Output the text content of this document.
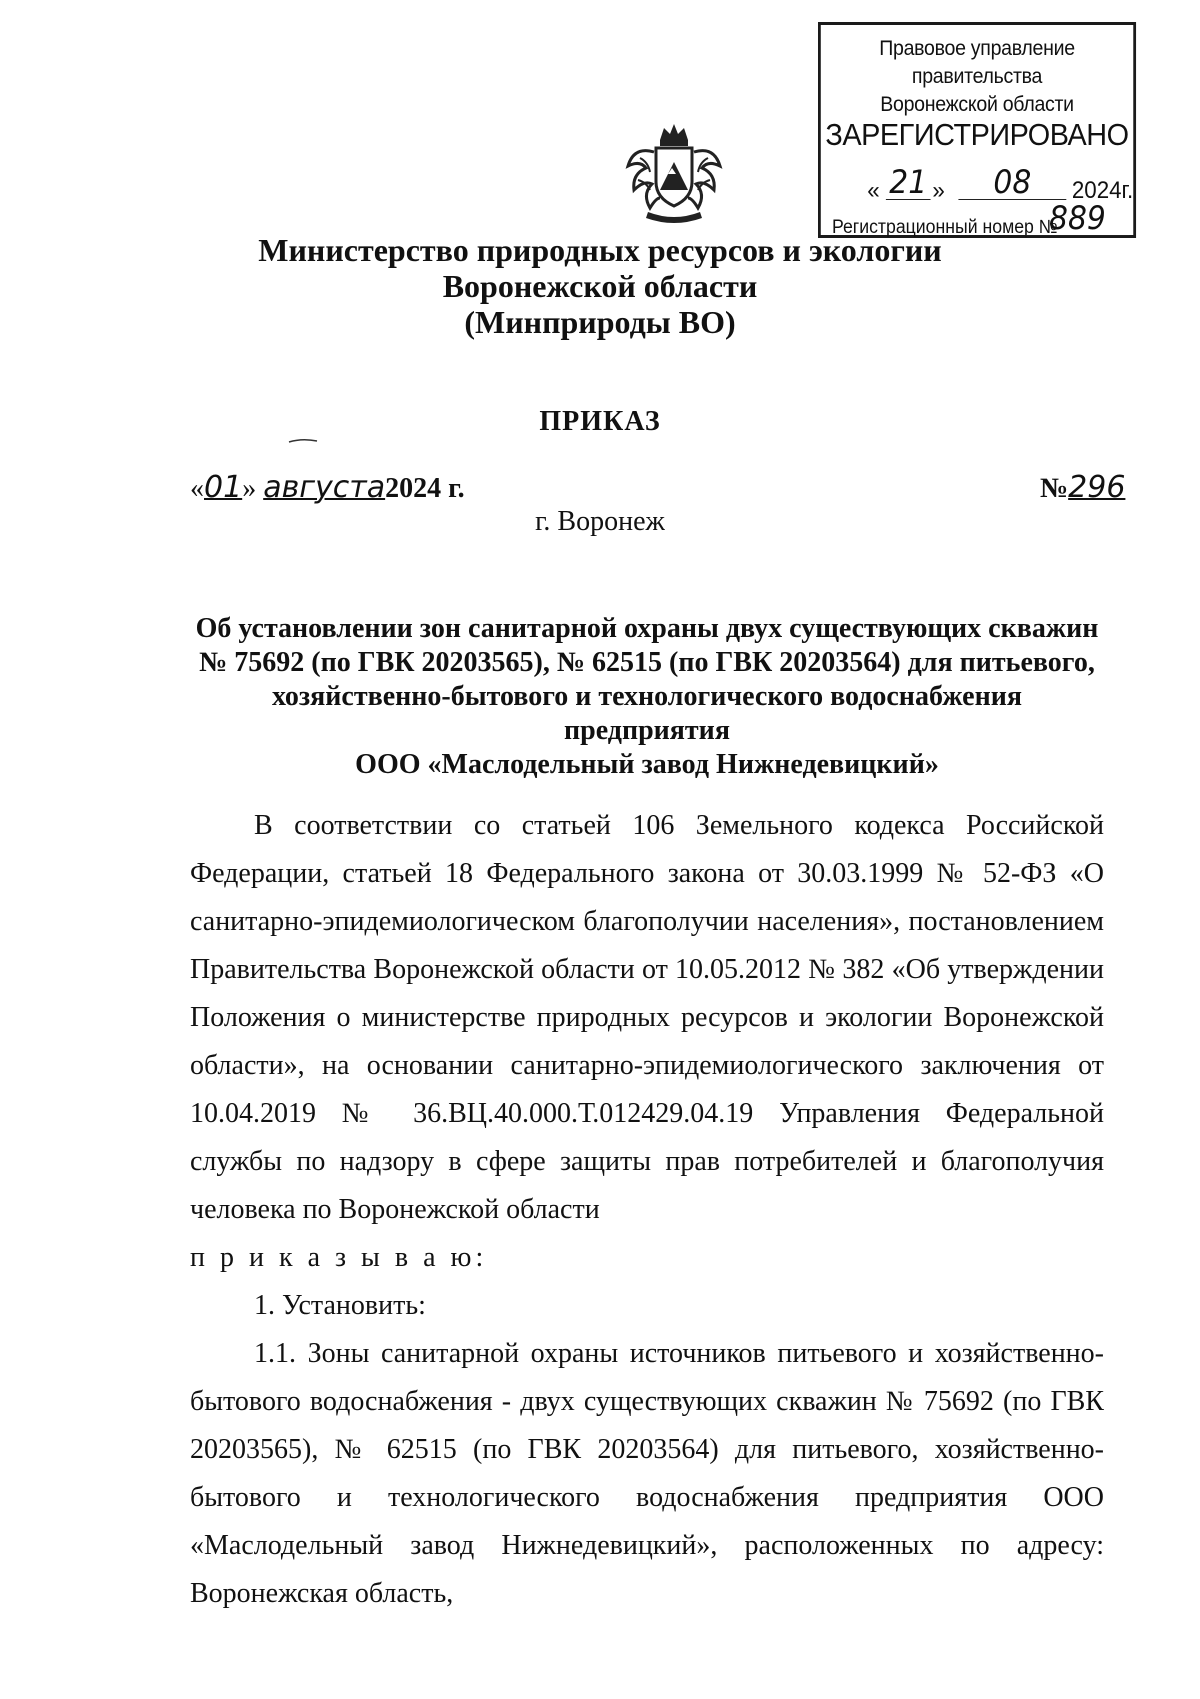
Правовое управление правительства
Воронежской области
ЗАРЕГИСТРИРОВАНО
« 21 »	08	2024г.
Регистрационный номер №
889
Министерство природных ресурсов и экологии
Воронежской области
(Минприроды ВО)
ПРИКАЗ
«01» августа2024 г.	№296
г. Воронеж
Об установлении зон санитарной охраны двух существующих скважин
№ 75692 (по ГВК 20203565), № 62515 (по ГВК 20203564) для питьевого,
хозяйственно-бытового и технологического водоснабжения предприятия
ООО «Маслодельный завод Нижнедевицкий»

В соответствии со статьей 106 Земельного кодекса Российской Федерации, статьей 18 Федерального закона от 30.03.1999 № 52-ФЗ «О санитарно-эпидемиологическом благополучии населения», постановлением Правительства Воронежской области от 10.05.2012 № 382 «Об утверждении Положения о министерстве природных ресурсов и экологии Воронежской области», на основании санитарно-эпидемиологического заключения от 10.04.2019 № 36.ВЦ.40.000.Т.012429.04.19 Управления Федеральной службы по надзору в сфере защиты прав потребителей и благополучия человека по Воронежской области

п р и к а з ы в а ю:

1. Установить:

1.1. Зоны санитарной охраны источников питьевого и хозяйственно-бытового водоснабжения - двух существующих скважин № 75692 (по ГВК 20203565), № 62515 (по ГВК 20203564) для питьевого, хозяйственно-бытового и технологического водоснабжения предприятия ООО «Маслодельный завод Нижнедевицкий», расположенных по адресу: Воронежская область,
